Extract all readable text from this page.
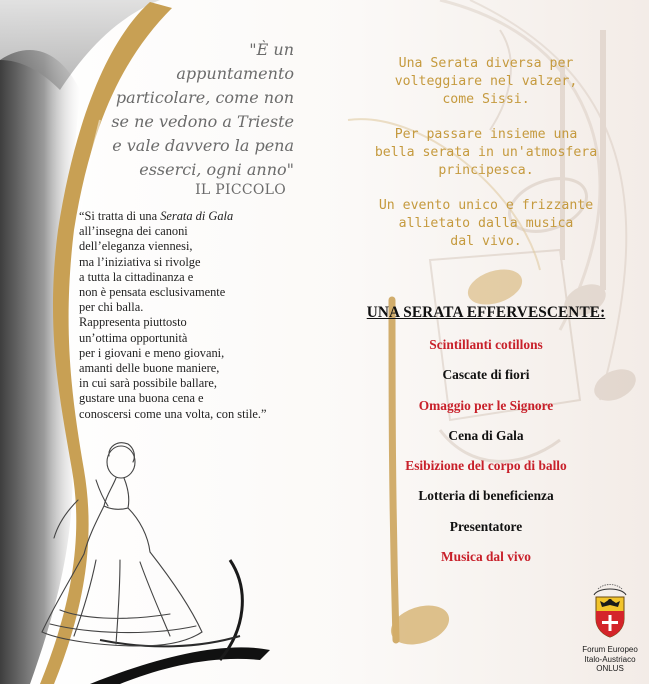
"È un
appuntamento
particolare, come non
se ne vedono a Trieste
e vale davvero la pena
esserci, ogni anno"
IL PICCOLO
“Si tratta di una Serata di Gala
all’insegna dei canoni
dell’eleganza viennesi,
ma l’iniziativa si rivolge
a tutta la cittadinanza e
non è pensata esclusivamente
per chi balla.
Rappresenta piuttosto
un’ottima opportunità
per i giovani e meno giovani,
amanti delle buone maniere,
in cui sarà possibile ballare,
gustare una buona cena e
conoscersi come una volta, con stile.”

Una Serata diversa per
volteggiare nel valzer,
come Sissi.

Per passare insieme una
bella serata in un'atmosfera
principesca.

Un evento unico e frizzante
allietato dalla musica
dal vivo.

UNA SERATA EFFERVESCENTE:
Scintillanti cotillons
Cascate di fiori
Omaggio per le Signore
Cena di Gala
Esibizione del corpo di ballo
Lotteria di beneficienza
Presentatore
Musica dal vivo
Forum Europeo
Italo-Austriaco
ONLUS
